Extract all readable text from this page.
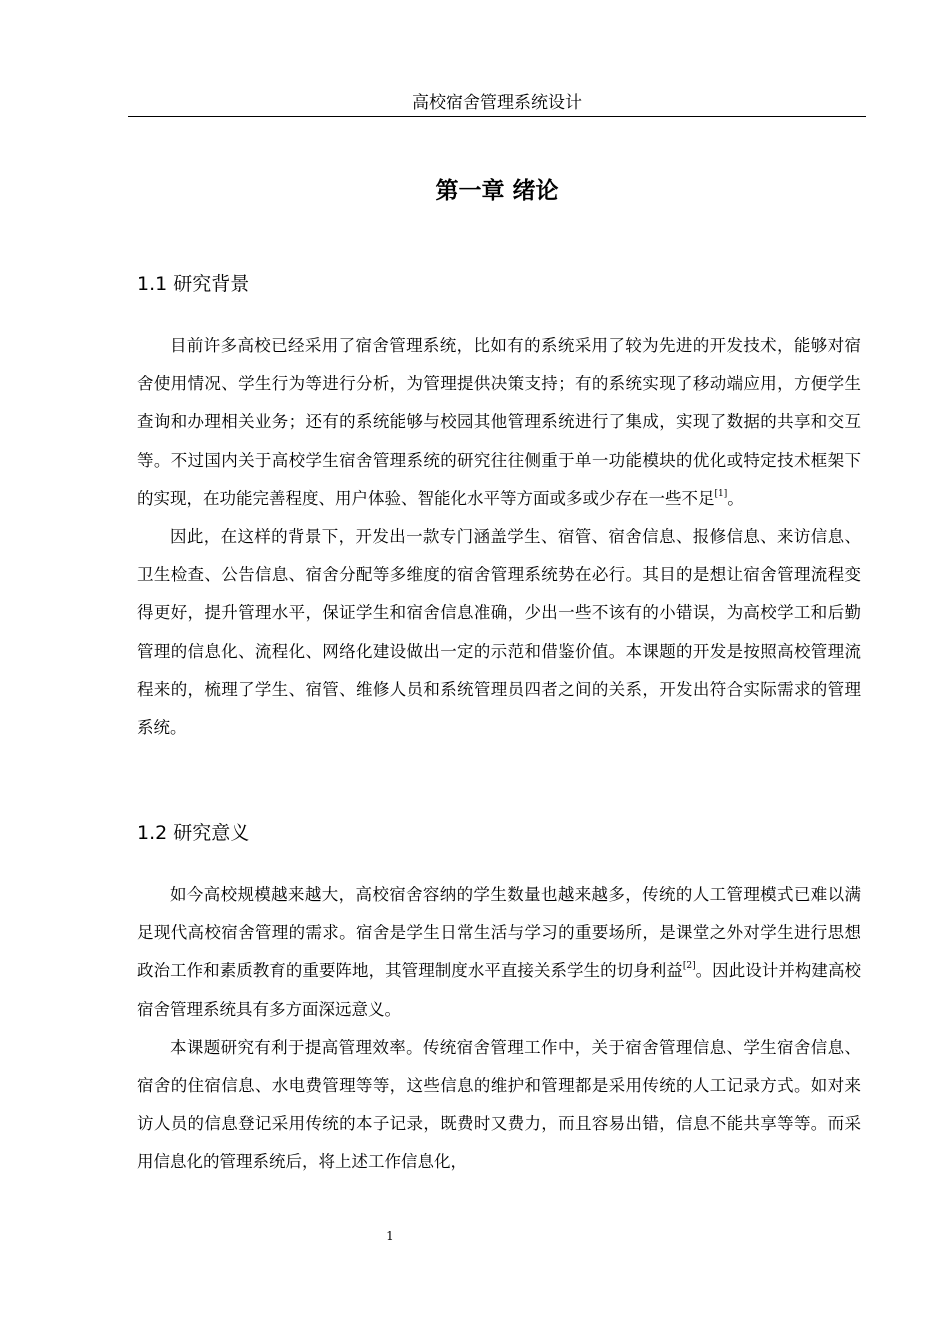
高校宿舍管理系统设计
第一章 绪论
1.1 研究背景

目前许多高校已经采用了宿舍管理系统，比如有的系统采用了较为先进的开发技术，能够对宿舍使用情况、学生行为等进行分析，为管理提供决策支持；有的系统实现了移动端应用，方便学生查询和办理相关业务；还有的系统能够与校园其他管理系统进行了集成，实现了数据的共享和交互等。不过国内关于高校学生宿舍管理系统的研究往往侧重于单一功能模块的优化或特定技术框架下的实现，在功能完善程度、用户体验、智能化水平等方面或多或少存在一些不足[1]。

因此，在这样的背景下，开发出一款专门涵盖学生、宿管、宿舍信息、报修信息、来访信息、卫生检查、公告信息、宿舍分配等多维度的宿舍管理系统势在必行。其目的是想让宿舍管理流程变得更好，提升管理水平，保证学生和宿舍信息准确，少出一些不该有的小错误，为高校学工和后勤管理的信息化、流程化、网络化建设做出一定的示范和借鉴价值。本课题的开发是按照高校管理流程来的，梳理了学生、宿管、维修人员和系统管理员四者之间的关系，开发出符合实际需求的管理系统。

1.2 研究意义

如今高校规模越来越大，高校宿舍容纳的学生数量也越来越多，传统的人工管理模式已难以满足现代高校宿舍管理的需求。宿舍是学生日常生活与学习的重要场所，是课堂之外对学生进行思想政治工作和素质教育的重要阵地，其管理制度水平直接关系学生的切身利益[2]。因此设计并构建高校宿舍管理系统具有多方面深远意义。

本课题研究有利于提高管理效率。传统宿舍管理工作中，关于宿舍管理信息、学生宿舍信息、宿舍的住宿信息、水电费管理等等，这些信息的维护和管理都是采用传统的人工记录方式。如对来访人员的信息登记采用传统的本子记录，既费时又费力，而且容易出错，信息不能共享等等。而采用信息化的管理系统后，将上述工作信息化，

1
